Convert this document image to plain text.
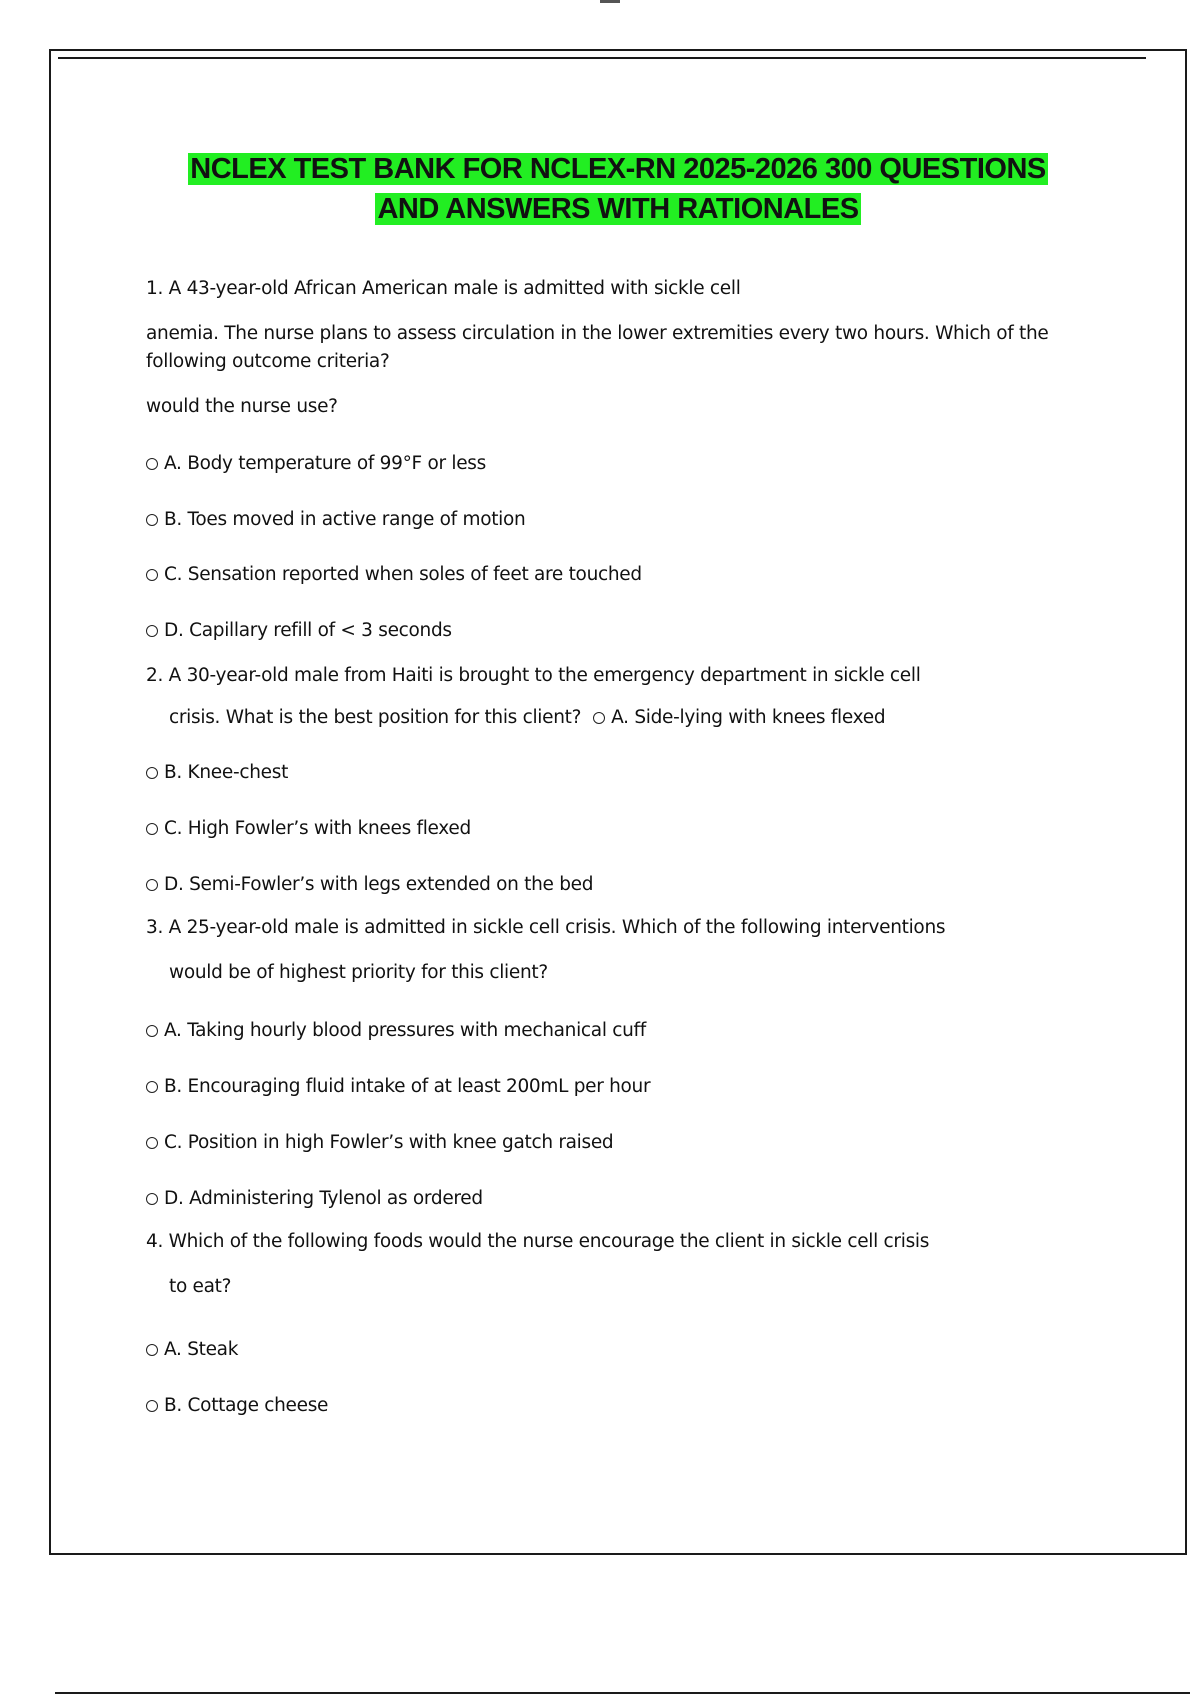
NCLEX TEST BANK FOR NCLEX-RN 2025-2026 300 QUESTIONS
AND ANSWERS WITH RATIONALES
1. A 43-year-old African American male is admitted with sickle cell
anemia. The nurse plans to assess circulation in the lower extremities every two hours. Which of the
following outcome criteria?
would the nurse use?
A. Body temperature of 99°F or less
B. Toes moved in active range of motion
C. Sensation reported when soles of feet are touched
D. Capillary refill of < 3 seconds
2. A 30-year-old male from Haiti is brought to the emergency department in sickle cell
crisis. What is the best position for this client? A. Side-lying with knees flexed
B. Knee-chest
C. High Fowler’s with knees flexed
D. Semi-Fowler’s with legs extended on the bed
3. A 25-year-old male is admitted in sickle cell crisis. Which of the following interventions
would be of highest priority for this client?
A. Taking hourly blood pressures with mechanical cuff
B. Encouraging fluid intake of at least 200mL per hour
C. Position in high Fowler’s with knee gatch raised
D. Administering Tylenol as ordered
4. Which of the following foods would the nurse encourage the client in sickle cell crisis
to eat?
A. Steak
B. Cottage cheese
